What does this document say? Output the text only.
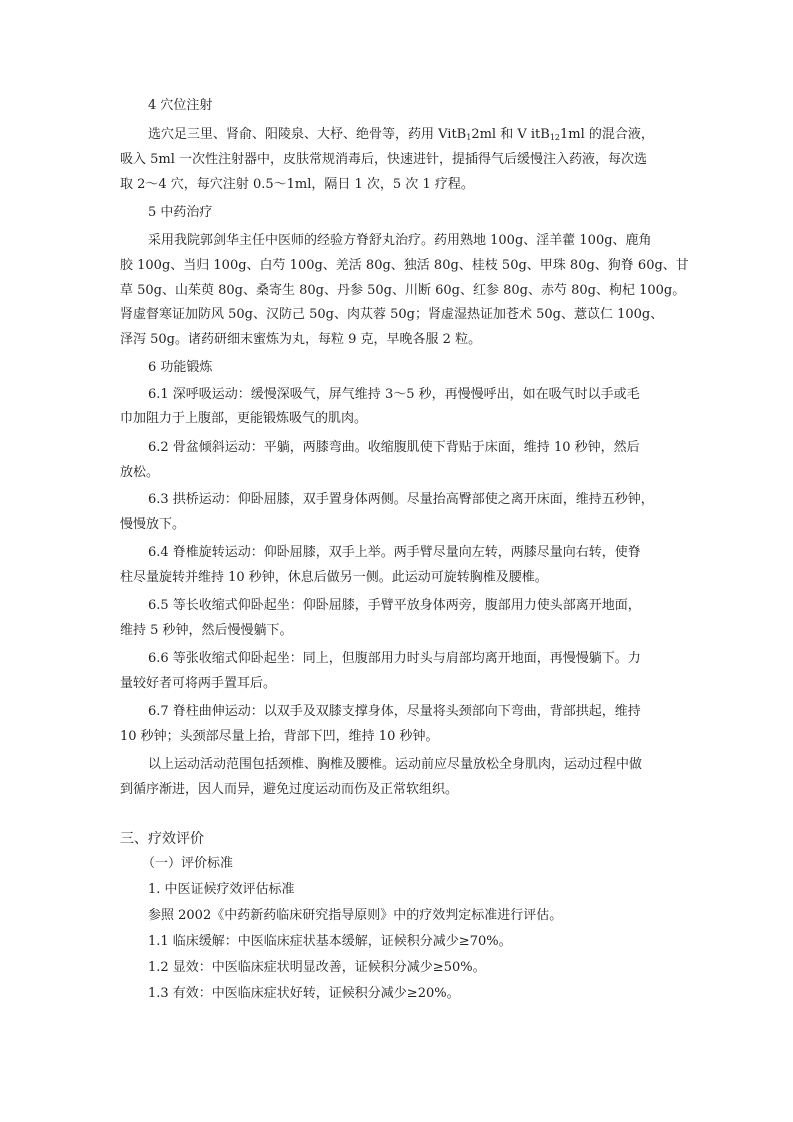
4 穴位注射
选穴足三里、肾俞、阳陵泉、大杼、绝骨等，药用 VitB$_1$2ml 和 V itB$_{12}$1ml 的混合液，
吸入 5ml 一次性注射器中，皮肤常规消毒后，快速进针，提插得气后缓慢注入药液，每次选
取 2～4 穴，每穴注射 0.5～1ml，隔日 1 次，5 次 1 疗程。
5 中药治疗
采用我院郭剑华主任中医师的经验方脊舒丸治疗。药用熟地 100g、淫羊藿 100g、鹿角
胶 100g、当归 100g、白芍 100g、羌活 80g、独活 80g、桂枝 50g、甲珠 80g、狗脊 60g、甘
草 50g、山茱萸 80g、桑寄生 80g、丹参 50g、川断 60g、红参 80g、赤芍 80g、枸杞 100g。
肾虚督寒证加防风 50g、汉防己 50g、肉苁蓉 50g；肾虚湿热证加苍术 50g、薏苡仁 100g、
泽泻 50g。诸药研细末蜜炼为丸，每粒 9 克，早晚各服 2 粒。
6 功能锻炼
6.1 深呼吸运动：缓慢深吸气，屏气维持 3～5 秒，再慢慢呼出，如在吸气时以手或毛
巾加阻力于上腹部，更能锻炼吸气的肌肉。
6.2 骨盆倾斜运动：平躺，两膝弯曲。收缩腹肌使下背贴于床面，维持 10 秒钟，然后
放松。
6.3 拱桥运动：仰卧屈膝，双手置身体两侧。尽量抬高臀部使之离开床面，维持五秒钟，
慢慢放下。
6.4 脊椎旋转运动：仰卧屈膝，双手上举。两手臂尽量向左转，两膝尽量向右转，使脊
柱尽量旋转并维持 10 秒钟，休息后做另一侧。此运动可旋转胸椎及腰椎。
6.5 等长收缩式仰卧起坐：仰卧屈膝，手臂平放身体两旁，腹部用力使头部离开地面，
维持 5 秒钟，然后慢慢躺下。
6.6 等张收缩式仰卧起坐：同上，但腹部用力时头与肩部均离开地面，再慢慢躺下。力
量较好者可将两手置耳后。
6.7 脊柱曲伸运动：以双手及双膝支撑身体，尽量将头颈部向下弯曲，背部拱起，维持
10 秒钟；头颈部尽量上抬，背部下凹，维持 10 秒钟。
以上运动活动范围包括颈椎、胸椎及腰椎。运动前应尽量放松全身肌肉，运动过程中做
到循序渐进，因人而异，避免过度运动而伤及正常软组织。
三、疗效评价
（一）评价标准
1. 中医证候疗效评估标准
参照 2002《中药新药临床研究指导原则》中的疗效判定标准进行评估。
1.1 临床缓解：中医临床症状基本缓解，证候积分减少≥70%。
1.2 显效：中医临床症状明显改善，证候积分减少≥50%。
1.3 有效：中医临床症状好转，证候积分减少≥20%。
